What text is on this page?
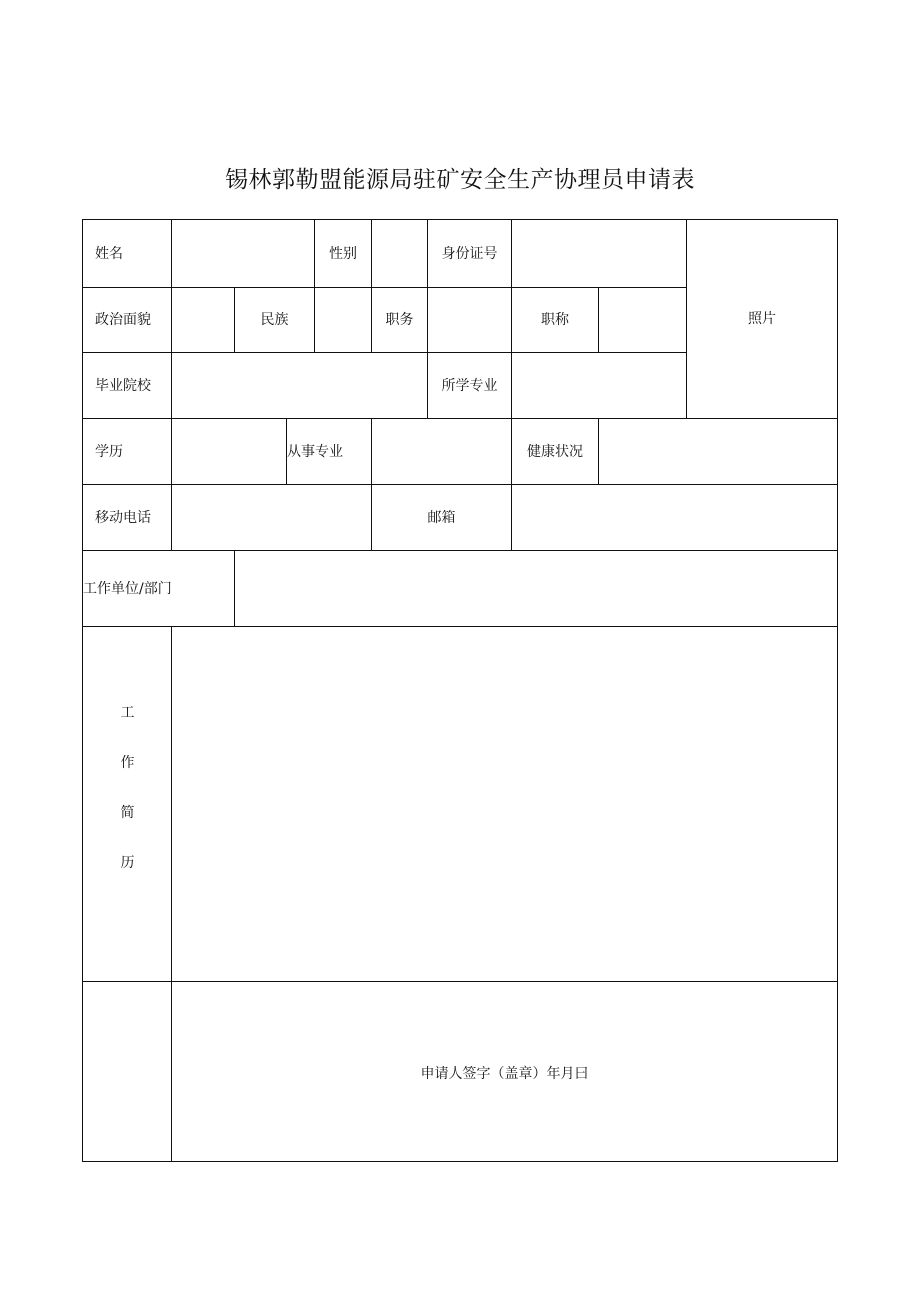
锡林郭勒盟能源局驻矿安全生产协理员申请表
姓名	性别	身份证号
照片
政治面貌	民族	职务	职称
毕业院校	所学专业
学历	从事专业	健康状况
移动电话	邮箱
工作单位/部门
工
作
简
历
申请人签字（盖章）年月曰
